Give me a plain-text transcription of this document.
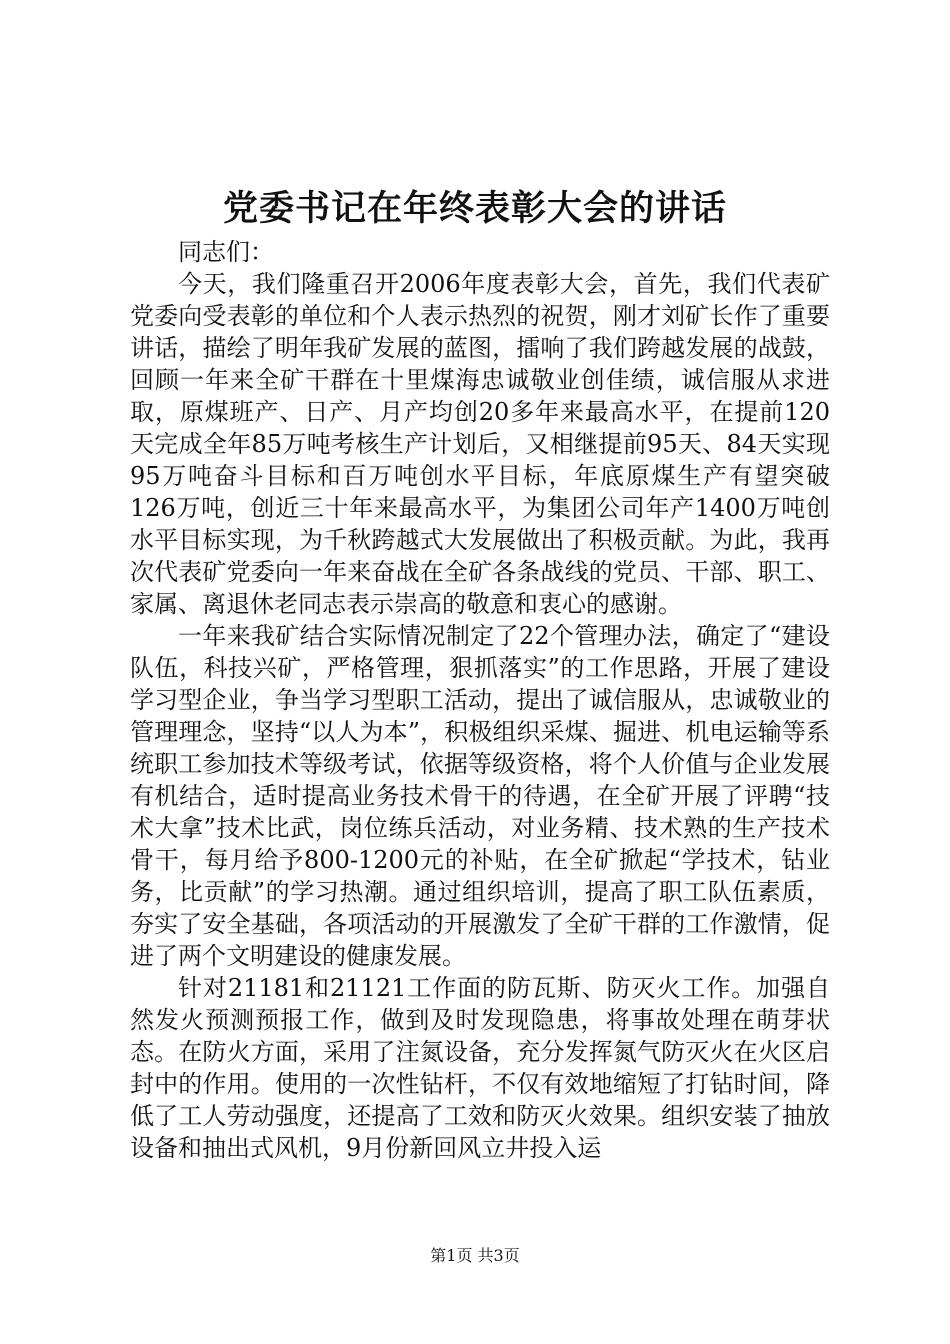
党委书记在年终表彰大会的讲话

同志们：

今天，我们隆重召开2006年度表彰大会，首先，我们代表矿党委向受表彰的单位和个人表示热烈的祝贺，刚才刘矿长作了重要讲话，描绘了明年我矿发展的蓝图，擂响了我们跨越发展的战鼓，回顾一年来全矿干群在十里煤海忠诚敬业创佳绩，诚信服从求进取，原煤班产、日产、月产均创20多年来最高水平，在提前120天完成全年85万吨考核生产计划后，又相继提前95天、84天实现95万吨奋斗目标和百万吨创水平目标，年底原煤生产有望突破126万吨，创近三十年来最高水平，为集团公司年产1400万吨创水平目标实现，为千秋跨越式大发展做出了积极贡献。为此，我再次代表矿党委向一年来奋战在全矿各条战线的党员、干部、职工、家属、离退休老同志表示崇高的敬意和衷心的感谢。

一年来我矿结合实际情况制定了22个管理办法，确定了“建设队伍，科技兴矿，严格管理，狠抓落实”的工作思路，开展了建设学习型企业，争当学习型职工活动，提出了诚信服从，忠诚敬业的管理理念，坚持“以人为本”，积极组织采煤、掘进、机电运输等系统职工参加技术等级考试，依据等级资格，将个人价值与企业发展有机结合，适时提高业务技术骨干的待遇，在全矿开展了评聘“技术大拿”技术比武，岗位练兵活动，对业务精、技术熟的生产技术骨干，每月给予800-1200元的补贴，在全矿掀起“学技术，钻业务，比贡献”的学习热潮。通过组织培训，提高了职工队伍素质，夯实了安全基础，各项活动的开展激发了全矿干群的工作激情，促进了两个文明建设的健康发展。

针对21181和21121工作面的防瓦斯、防灭火工作。加强自然发火预测预报工作，做到及时发现隐患，将事故处理在萌芽状态。在防火方面，采用了注氮设备，充分发挥氮气防灭火在火区启封中的作用。使用的一次性钻杆，不仅有效地缩短了打钻时间，降低了工人劳动强度，还提高了工效和防灭火效果。组织安装了抽放设备和抽出式风机，9月份新回风立井投入运

第1页 共3页
